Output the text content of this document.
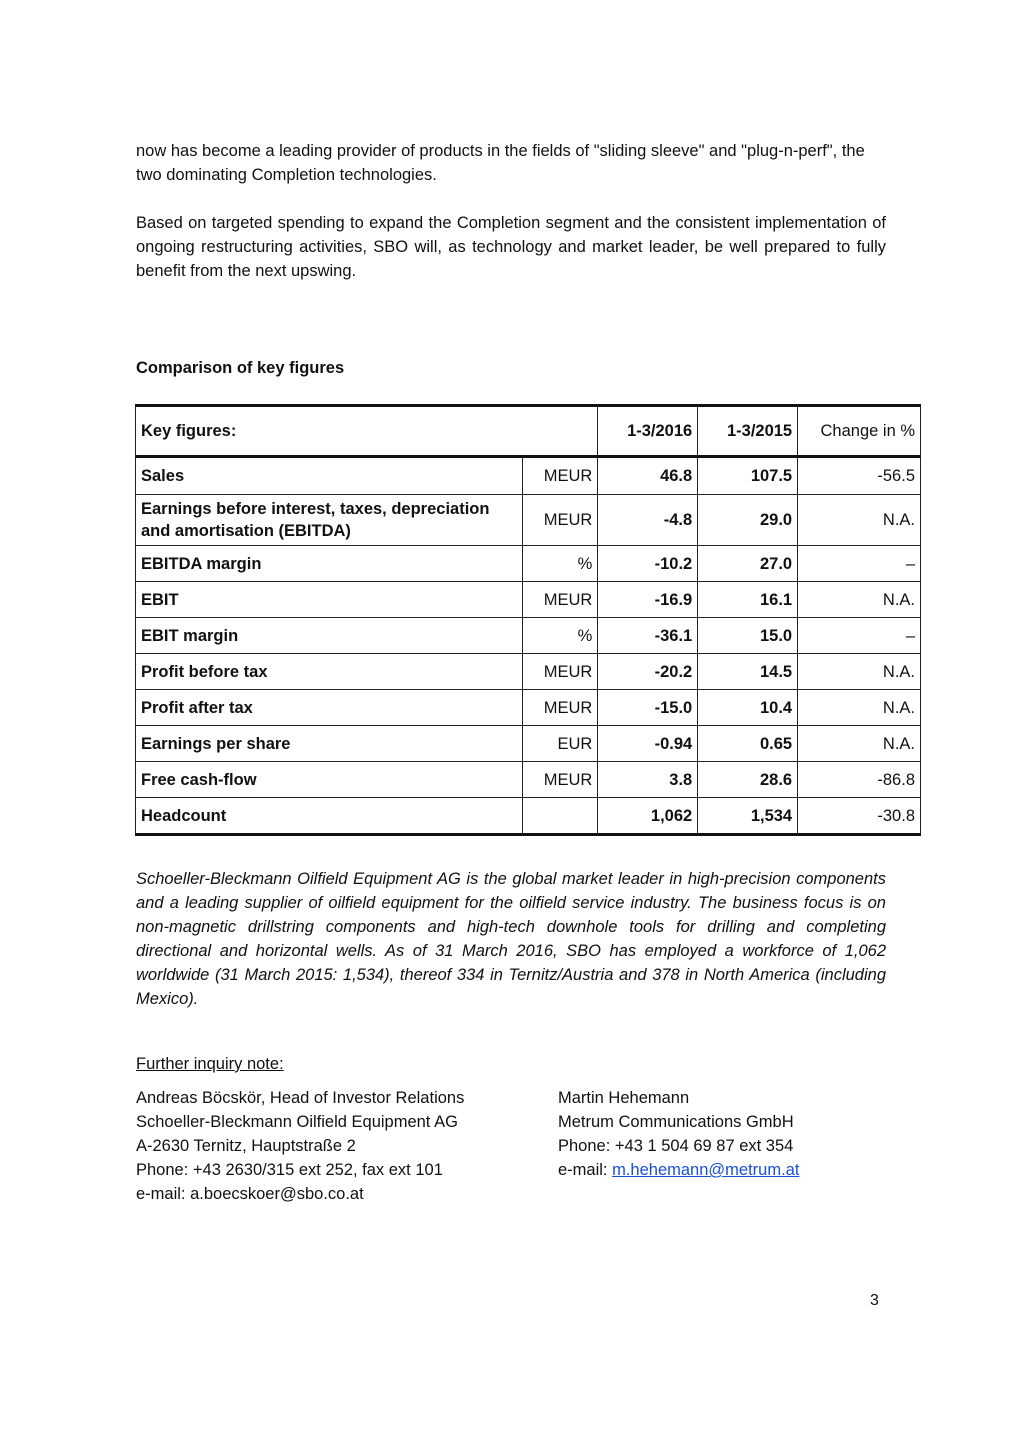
now has become a leading provider of products in the fields of "sliding sleeve" and "plug-n-perf", the two dominating Completion technologies.

Based on targeted spending to expand the Completion segment and the consistent implementation of ongoing restructuring activities, SBO will, as technology and market leader, be well prepared to fully benefit from the next upswing.

Comparison of key figures

Key figures:		1-3/2016	1-3/2015	Change in %
Sales	MEUR	46.8	107.5	-56.5
Earnings before interest, taxes, depreciation and amortisation (EBITDA)	MEUR	-4.8	29.0	N.A.
EBITDA margin	%	-10.2	27.0	–
EBIT	MEUR	-16.9	16.1	N.A.
EBIT margin	%	-36.1	15.0	–
Profit before tax	MEUR	-20.2	14.5	N.A.
Profit after tax	MEUR	-15.0	10.4	N.A.
Earnings per share	EUR	-0.94	0.65	N.A.
Free cash-flow	MEUR	3.8	28.6	-86.8
Headcount		1,062	1,534	-30.8

Schoeller-Bleckmann Oilfield Equipment AG is the global market leader in high-precision components and a leading supplier of oilfield equipment for the oilfield service industry. The business focus is on non-magnetic drillstring components and high-tech downhole tools for drilling and completing directional and horizontal wells. As of 31 March 2016, SBO has employed a workforce of 1,062 worldwide (31 March 2015: 1,534), thereof 334 in Ternitz/Austria and 378 in North America (including Mexico).

Further inquiry note:

Andreas Böcskör, Head of Investor Relations
Schoeller-Bleckmann Oilfield Equipment AG
A-2630 Ternitz, Hauptstraße 2
Phone: +43 2630/315 ext 252, fax ext 101
e-mail: a.boecskoer@sbo.co.at
Martin Hehemann
Metrum Communications GmbH
Phone: +43 1 504 69 87 ext 354
e-mail: m.hehemann@metrum.at

3
